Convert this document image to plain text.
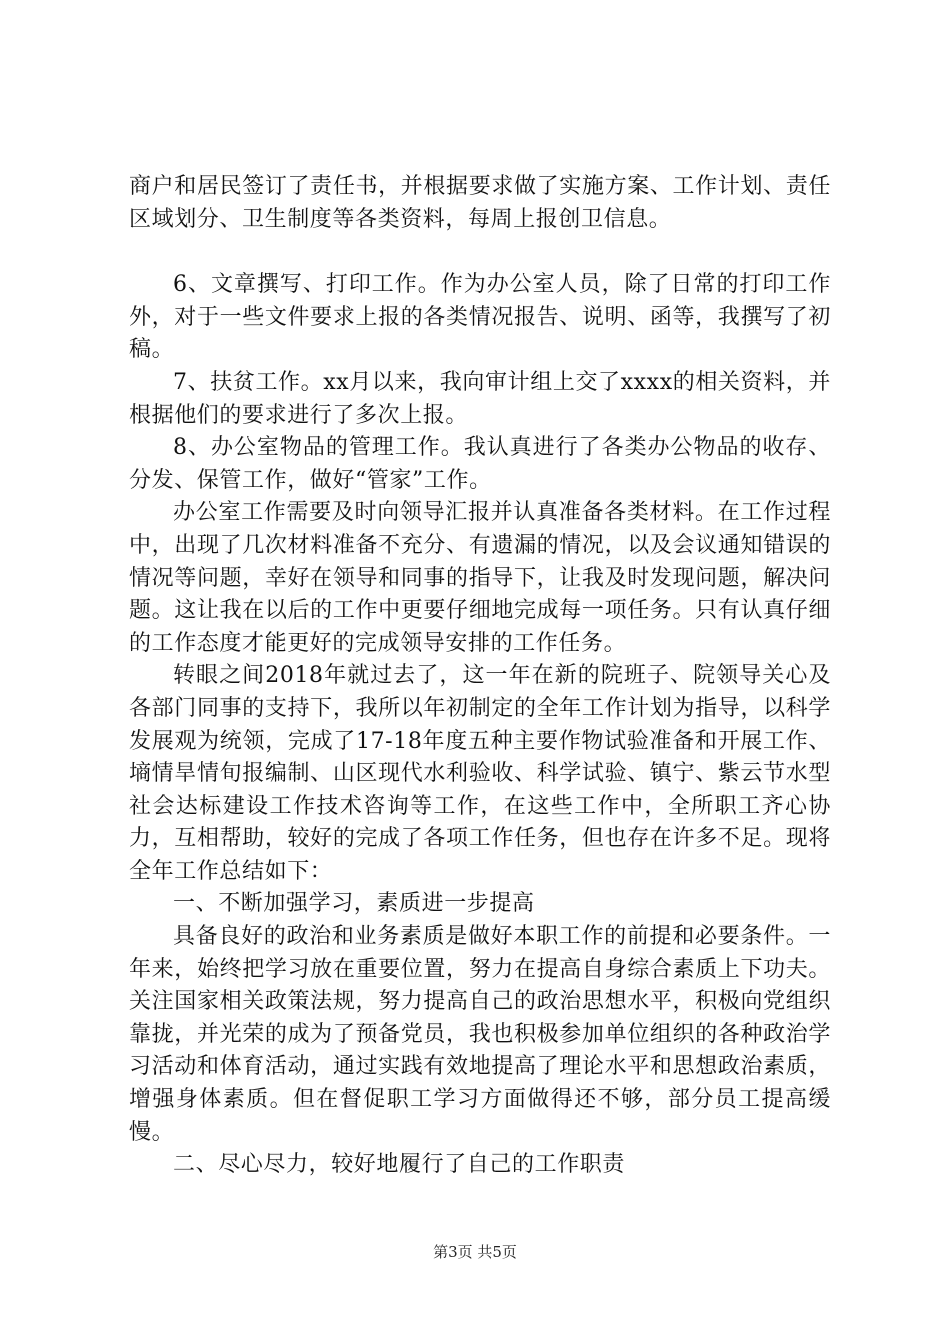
商户和居民签订了责任书，并根据要求做了实施方案、工作计划、责任区域划分、卫生制度等各类资料，每周上报创卫信息。

6、文章撰写、打印工作。作为办公室人员，除了日常的打印工作外，对于一些文件要求上报的各类情况报告、说明、函等，我撰写了初稿。

7、扶贫工作。xx月以来，我向审计组上交了xxxx的相关资料，并根据他们的要求进行了多次上报。

8、办公室物品的管理工作。我认真进行了各类办公物品的收存、分发、保管工作，做好“管家”工作。

办公室工作需要及时向领导汇报并认真准备各类材料。在工作过程中，出现了几次材料准备不充分、有遗漏的情况，以及会议通知错误的情况等问题，幸好在领导和同事的指导下，让我及时发现问题，解决问题。这让我在以后的工作中更要仔细地完成每一项任务。只有认真仔细的工作态度才能更好的完成领导安排的工作任务。

转眼之间2018年就过去了，这一年在新的院班子、院领导关心及各部门同事的支持下，我所以年初制定的全年工作计划为指导，以科学发展观为统领，完成了17-18年度五种主要作物试验准备和开展工作、墒情旱情旬报编制、山区现代水利验收、科学试验、镇宁、紫云节水型社会达标建设工作技术咨询等工作，在这些工作中，全所职工齐心协力，互相帮助，较好的完成了各项工作任务，但也存在许多不足。现将全年工作总结如下：

一、不断加强学习，素质进一步提高

具备良好的政治和业务素质是做好本职工作的前提和必要条件。一年来，始终把学习放在重要位置，努力在提高自身综合素质上下功夫。关注国家相关政策法规，努力提高自己的政治思想水平，积极向党组织靠拢，并光荣的成为了预备党员，我也积极参加单位组织的各种政治学习活动和体育活动，通过实践有效地提高了理论水平和思想政治素质，增强身体素质。但在督促职工学习方面做得还不够，部分员工提高缓慢。

二、尽心尽力，较好地履行了自己的工作职责

第3页 共5页
